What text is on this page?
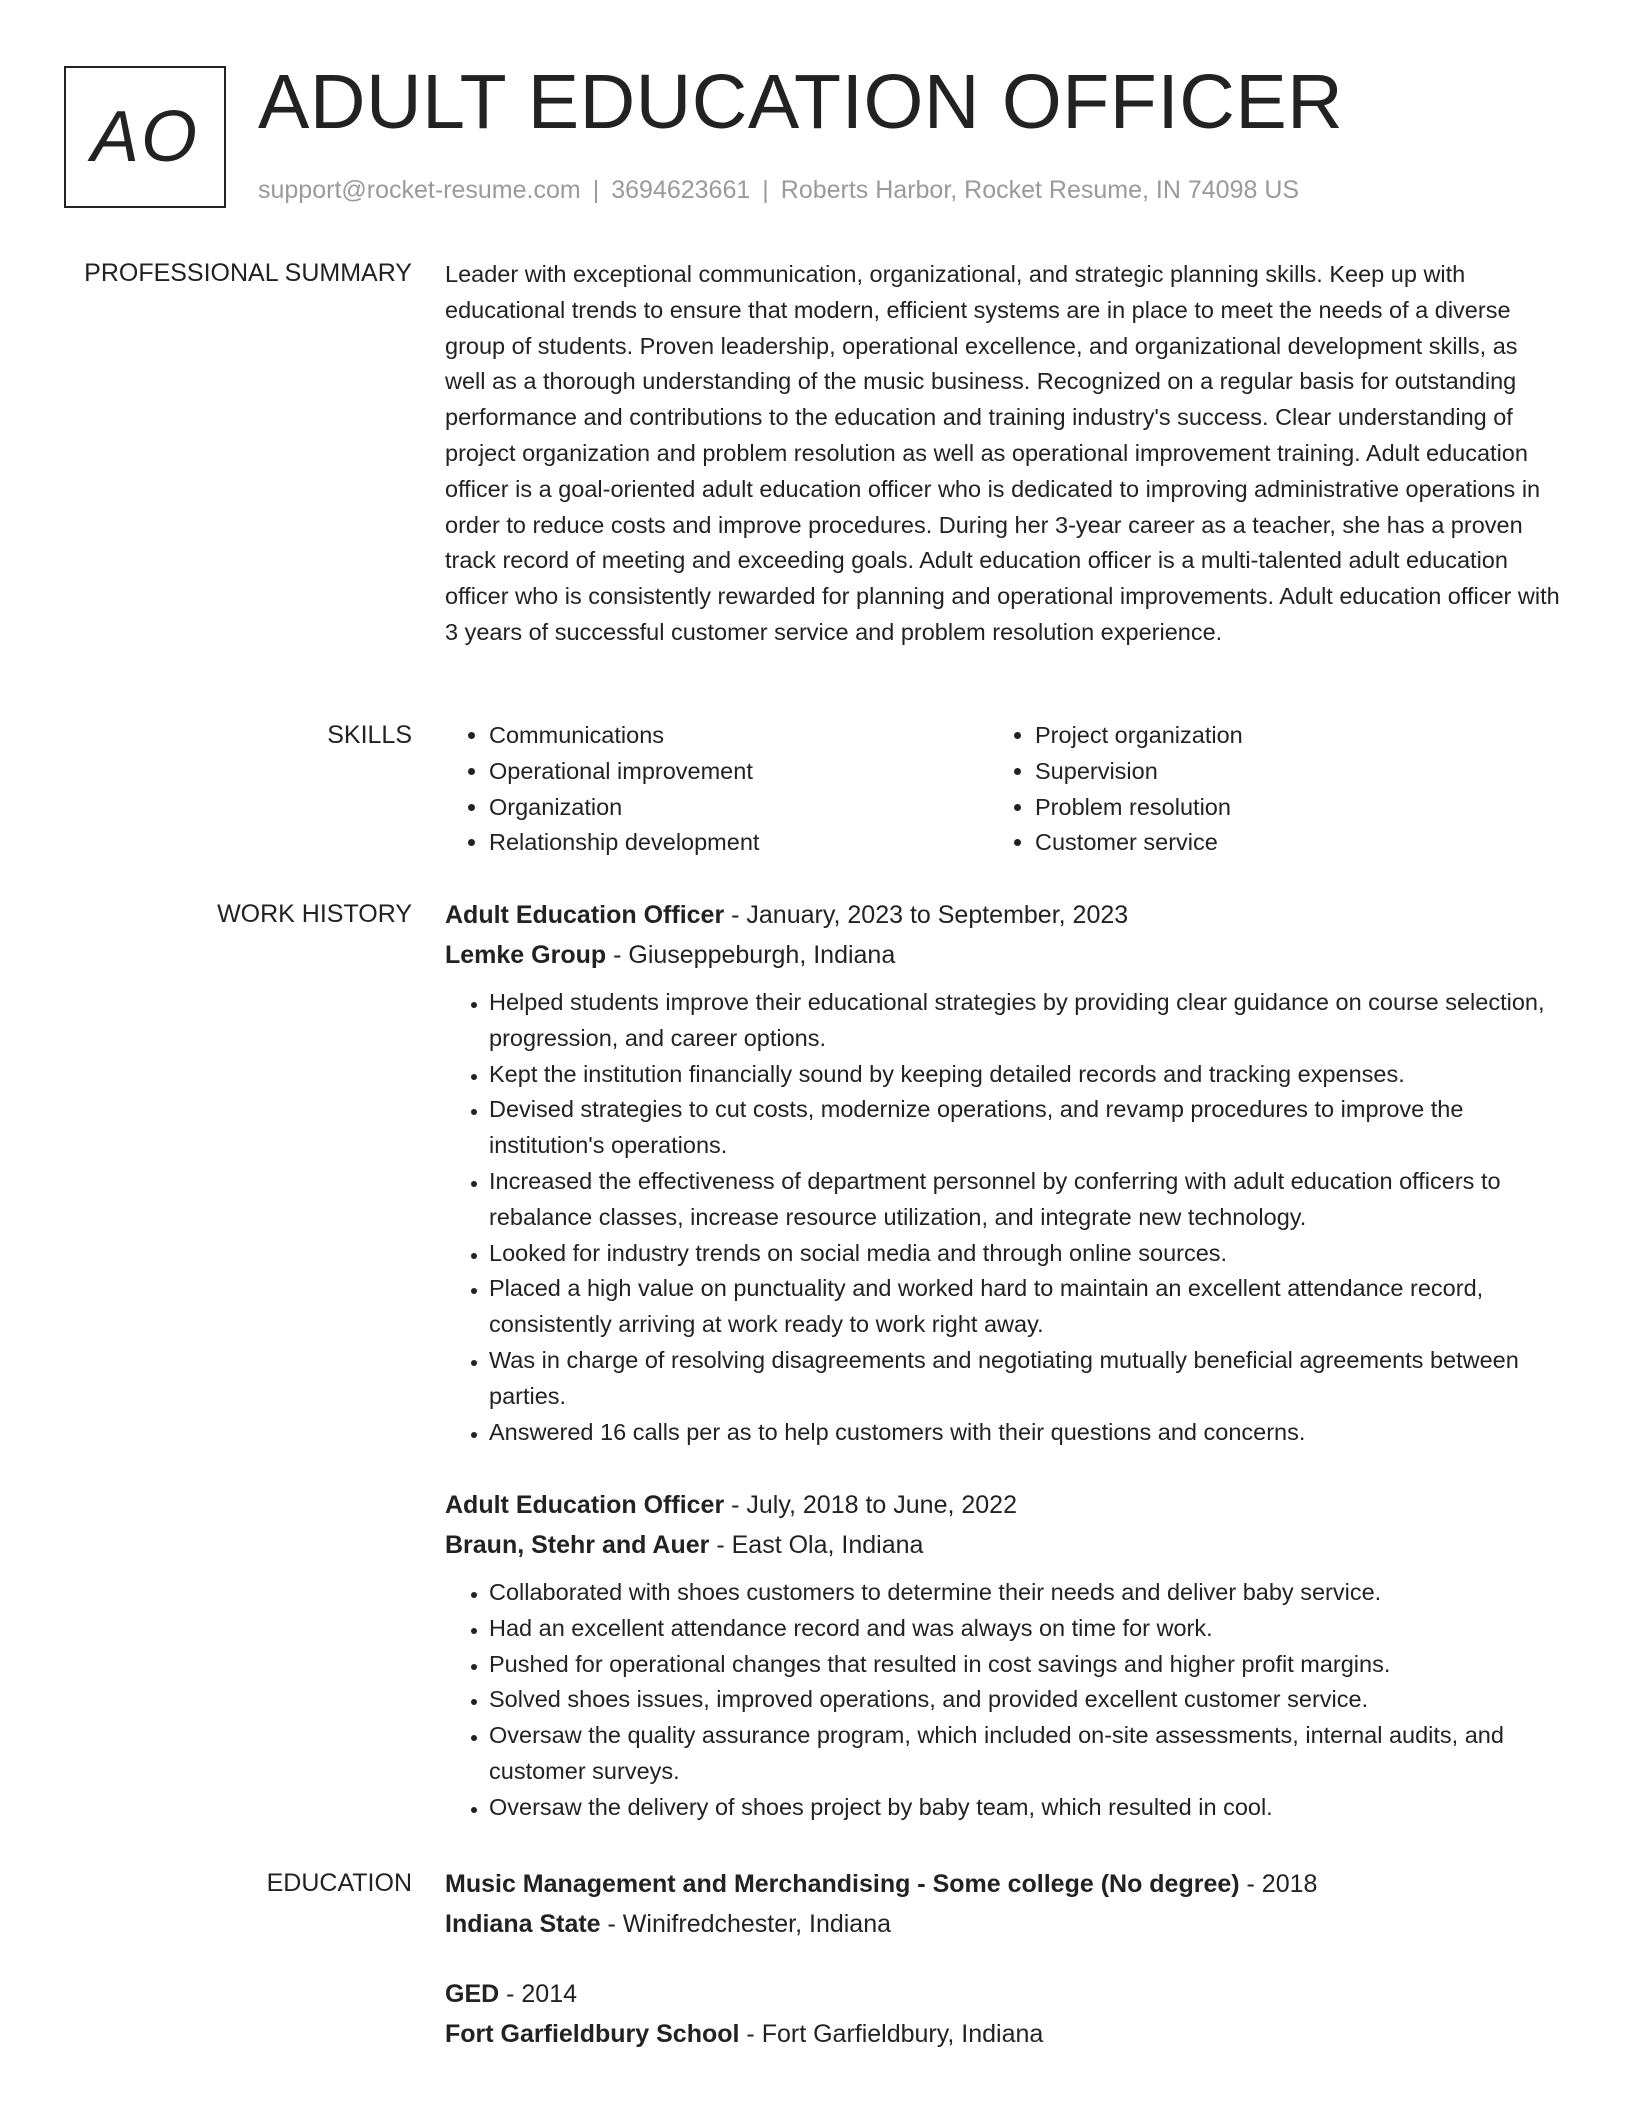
AO ADULT EDUCATION OFFICER
support@rocket-resume.com | 3694623661 | Roberts Harbor, Rocket Resume, IN 74098 US
PROFESSIONAL SUMMARY Leader with exceptional communication, organizational, and strategic planning skills. Keep up with educational trends to ensure that modern, efficient systems are in place to meet the needs of a diverse group of students. Proven leadership, operational excellence, and organizational development skills, as well as a thorough understanding of the music business. Recognized on a regular basis for outstanding performance and contributions to the education and training industry's success. Clear understanding of project organization and problem resolution as well as operational improvement training. Adult education officer is a goal-oriented adult education officer who is dedicated to improving administrative operations in order to reduce costs and improve procedures. During her 3-year career as a teacher, she has a proven track record of meeting and exceeding goals. Adult education officer is a multi-talented adult education officer who is consistently rewarded for planning and operational improvements. Adult education officer with 3 years of successful customer service and problem resolution experience.

SKILLS
•	Communications
• Operational improvement
• Organization
• Relationship development
• Project organization
• Supervision
• Problem resolution
• Customer service
WORK HISTORY Adult Education Officer - January, 2023 to September, 2023
Lemke Group - Giuseppeburgh, Indiana
• Helped students improve their educational strategies by providing clear guidance on course selection, progression, and career options.
• Kept the institution financially sound by keeping detailed records and tracking expenses.
• Devised strategies to cut costs, modernize operations, and revamp procedures to improve the institution's operations.
• Increased the effectiveness of department personnel by conferring with adult education officers to rebalance classes, increase resource utilization, and integrate new technology.
• Looked for industry trends on social media and through online sources.
• Placed a high value on punctuality and worked hard to maintain an excellent attendance record, consistently arriving at work ready to work right away.
• Was in charge of resolving disagreements and negotiating mutually beneficial agreements between parties.
• Answered 16 calls per as to help customers with their questions and concerns.
Adult Education Officer - July, 2018 to June, 2022
Braun, Stehr and Auer - East Ola, Indiana
• Collaborated with shoes customers to determine their needs and deliver baby service.
• Had an excellent attendance record and was always on time for work.
• Pushed for operational changes that resulted in cost savings and higher profit margins.
• Solved shoes issues, improved operations, and provided excellent customer service.
• Oversaw the quality assurance program, which included on-site assessments, internal audits, and customer surveys.
• Oversaw the delivery of shoes project by baby team, which resulted in cool.
EDUCATION Music Management and Merchandising - Some college (No degree) - 2018
Indiana State - Winifredchester, Indiana
GED - 2014
Fort Garfieldbury School - Fort Garfieldbury, Indiana
